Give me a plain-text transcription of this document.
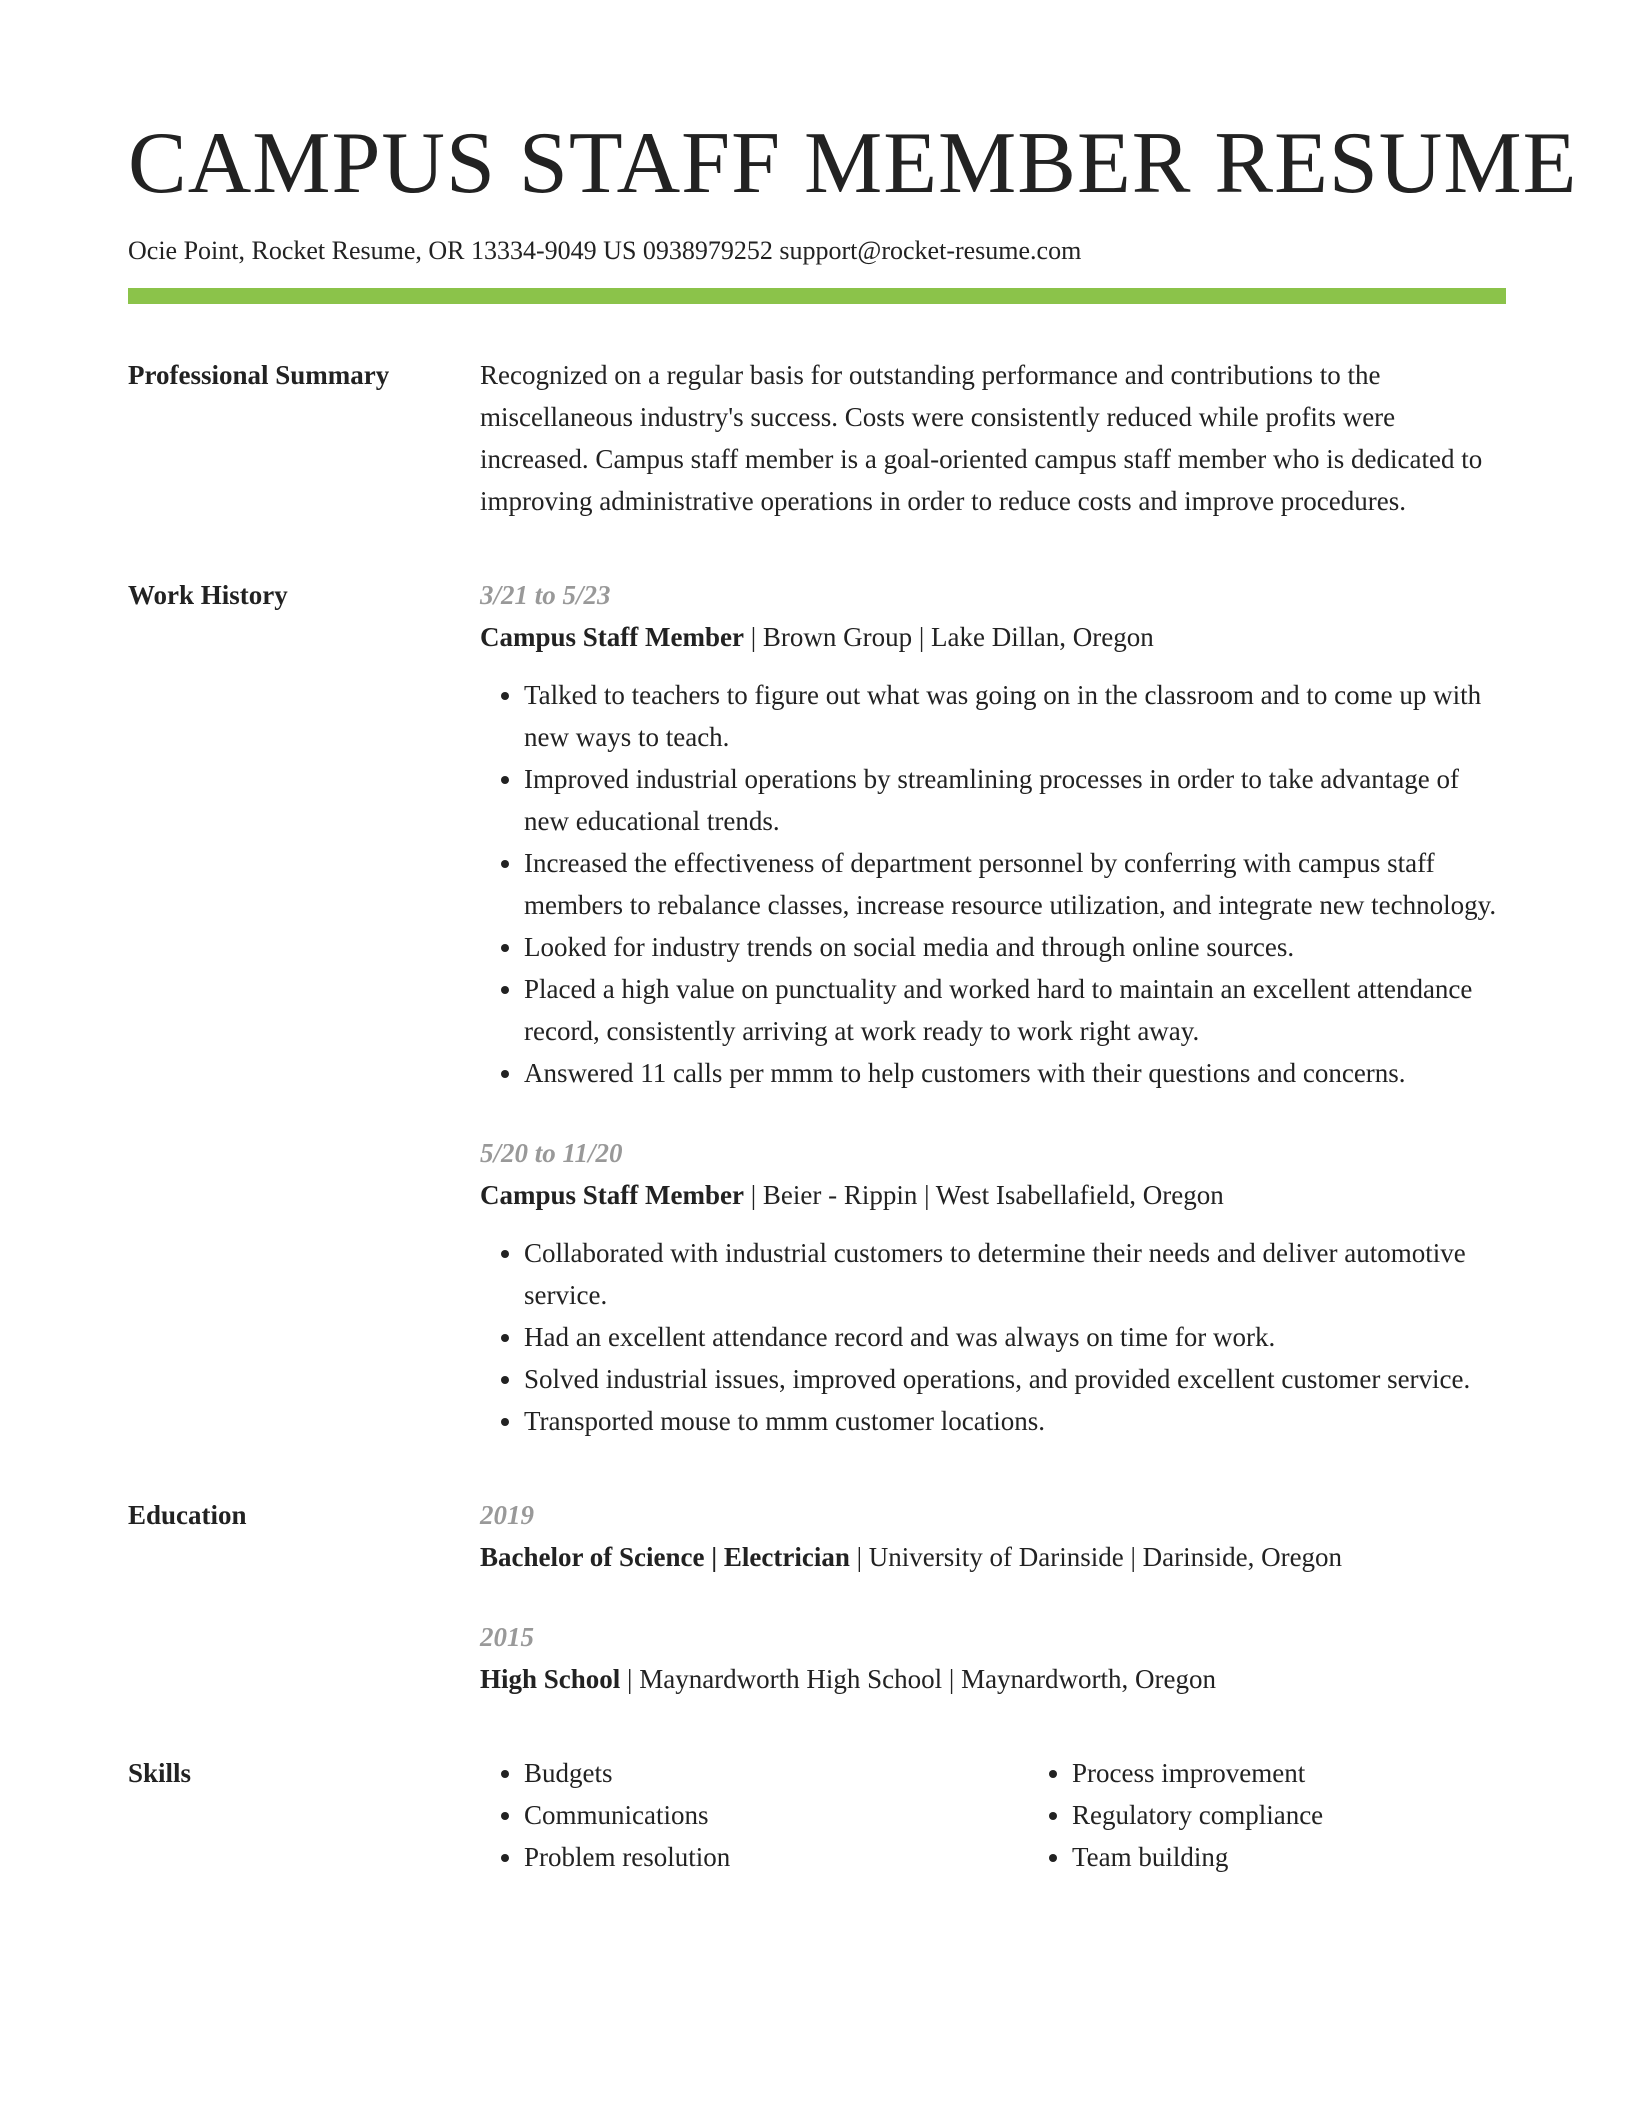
CAMPUS STAFF MEMBER RESUME
Ocie Point, Rocket Resume, OR 13334-9049 US 0938979252 support@rocket-resume.com
Professional Summary	Recognized on a regular basis for outstanding performance and contributions to the miscellaneous industry's success. Costs were consistently reduced while profits were increased. Campus staff member is a goal-oriented campus staff member who is dedicated to improving administrative operations in order to reduce costs and improve procedures.
Work History	3/21 to 5/23
Campus Staff Member | Brown Group | Lake Dillan, Oregon
• Talked to teachers to figure out what was going on in the classroom and to come up with new ways to teach.
• Improved industrial operations by streamlining processes in order to take advantage of new educational trends.
• Increased the effectiveness of department personnel by conferring with campus staff members to rebalance classes, increase resource utilization, and integrate new technology.
• Looked for industry trends on social media and through online sources.
• Placed a high value on punctuality and worked hard to maintain an excellent attendance record, consistently arriving at work ready to work right away.
• Answered 11 calls per mmm to help customers with their questions and concerns.
5/20 to 11/20
Campus Staff Member | Beier - Rippin | West Isabellafield, Oregon
• Collaborated with industrial customers to determine their needs and deliver automotive service.
• Had an excellent attendance record and was always on time for work.
• Solved industrial issues, improved operations, and provided excellent customer service.
• Transported mouse to mmm customer locations.
Education	2019
Bachelor of Science | Electrician | University of Darinside | Darinside, Oregon
2015
High School | Maynardworth High School | Maynardworth, Oregon
Skills
•	Budgets
• Communications
• Problem resolution
• Process improvement
• Regulatory compliance
• Team building
